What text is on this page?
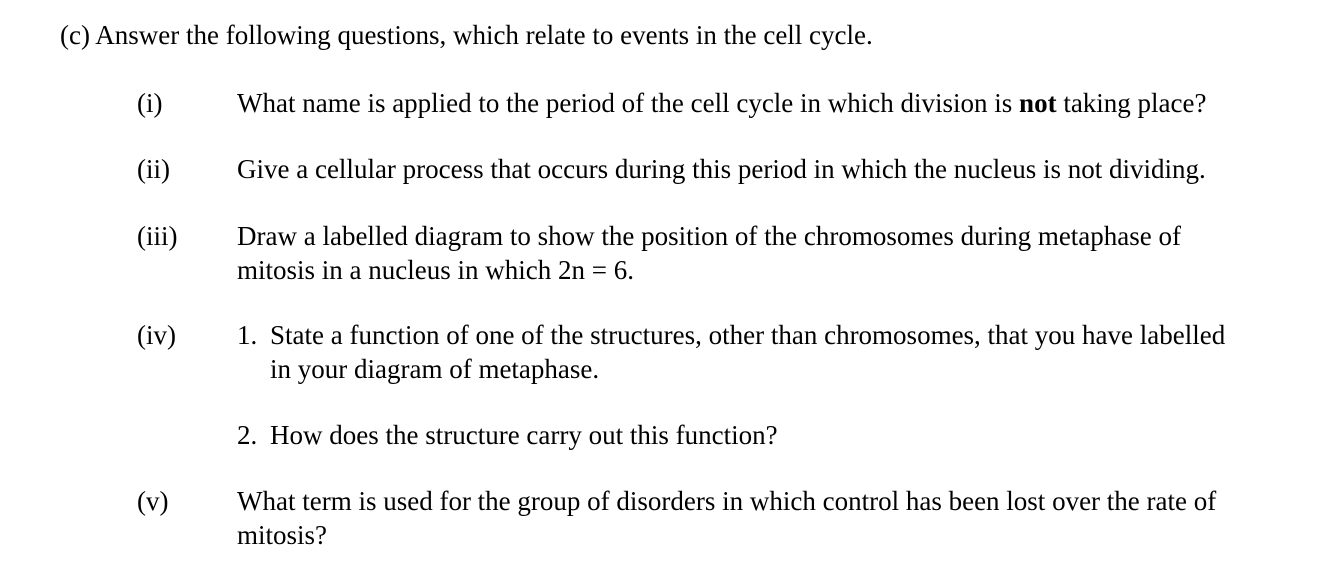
(c) Answer the following questions, which relate to events in the cell cycle.
(i)	What name is applied to the period of the cell cycle in which division is not taking place?
(ii) Give a cellular process that occurs during this period in which the nucleus is not dividing.
(iii) Draw a labelled diagram to show the position of the chromosomes during metaphase of
mitosis in a nucleus in which 2n = 6.
(iv) 1. State a function of one of the structures, other than chromosomes, that you have labelled
in your diagram of metaphase.
2. How does the structure carry out this function?
(v)	What term is used for the group of disorders in which control has been lost over the rate of
mitosis?
